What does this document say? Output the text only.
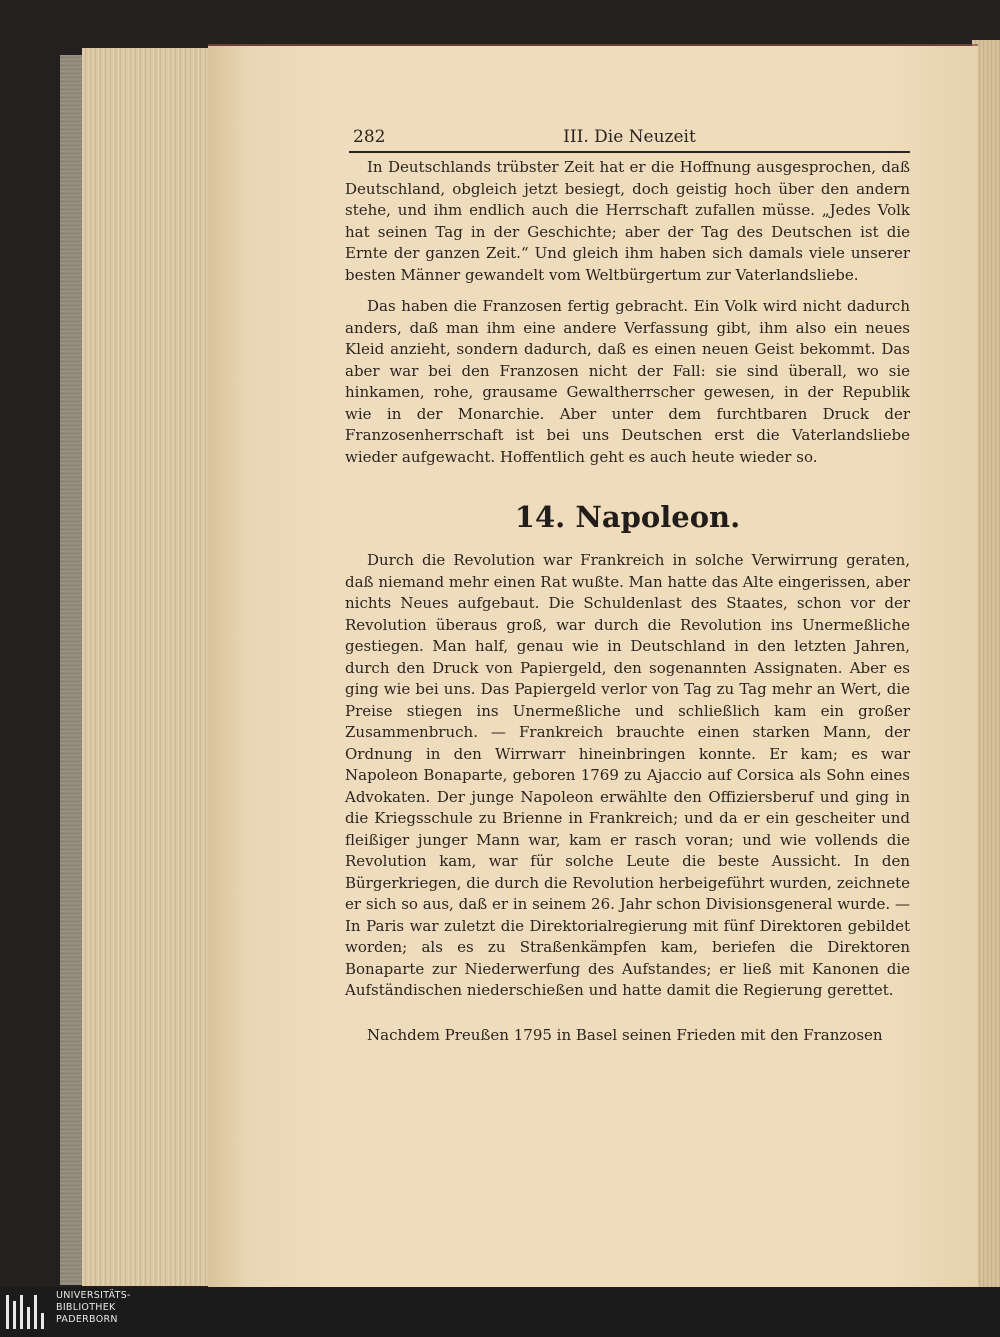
282	III. Die Neuzeit

In Deutschlands trübster Zeit hat er die Hoffnung ausgesprochen, daß Deutschland, obgleich jetzt besiegt, doch geistig hoch über den andern stehe, und ihm endlich auch die Herrschaft zufallen müsse. „Jedes Volk hat seinen Tag in der Geschichte; aber der Tag des Deutschen ist die Ernte der ganzen Zeit.“ Und gleich ihm haben sich damals viele unserer besten Männer gewandelt vom Weltbürgertum zur Vaterlandsliebe.

Das haben die Franzosen fertig gebracht. Ein Volk wird nicht dadurch anders, daß man ihm eine andere Verfassung gibt, ihm also ein neues Kleid anzieht, sondern dadurch, daß es einen neuen Geist bekommt. Das aber war bei den Franzosen nicht der Fall: sie sind überall, wo sie hinkamen, rohe, grausame Gewaltherrscher gewesen, in der Republik wie in der Monarchie. Aber unter dem furchtbaren Druck der Franzosenherrschaft ist bei uns Deutschen erst die Vaterlandsliebe wieder aufgewacht. Hoffentlich geht es auch heute wieder so.

14. Napoleon.

Durch die Revolution war Frankreich in solche Verwirrung geraten, daß niemand mehr einen Rat wußte. Man hatte das Alte eingerissen, aber nichts Neues aufgebaut. Die Schuldenlast des Staates, schon vor der Revolution überaus groß, war durch die Revolution ins Unermeßliche gestiegen. Man half, genau wie in Deutschland in den letzten Jahren, durch den Druck von Papiergeld, den sogenannten Assignaten. Aber es ging wie bei uns. Das Papiergeld verlor von Tag zu Tag mehr an Wert, die Preise stiegen ins Unermeßliche und schließlich kam ein großer Zusammenbruch. — Frankreich brauchte einen starken Mann, der Ordnung in den Wirrwarr hineinbringen konnte. Er kam; es war Napoleon Bonaparte, geboren 1769 zu Ajaccio auf Corsica als Sohn eines Advokaten. Der junge Napoleon erwählte den Offiziersberuf und ging in die Kriegsschule zu Brienne in Frankreich; und da er ein gescheiter und fleißiger junger Mann war, kam er rasch voran; und wie vollends die Revolution kam, war für solche Leute die beste Aussicht. In den Bürgerkriegen, die durch die Revolution herbeigeführt wurden, zeichnete er sich so aus, daß er in seinem 26. Jahr schon Divisionsgeneral wurde. — In Paris war zuletzt die Direktorialregierung mit fünf Direktoren gebildet worden; als es zu Straßenkämpfen kam, beriefen die Direktoren Bonaparte zur Niederwerfung des Aufstandes; er ließ mit Kanonen die Aufständischen niederschießen und hatte damit die Regierung gerettet.

Nachdem Preußen 1795 in Basel seinen Frieden mit den Franzosen

UNIVERSITÄTS-
BIBLIOTHEK
PADERBORN
